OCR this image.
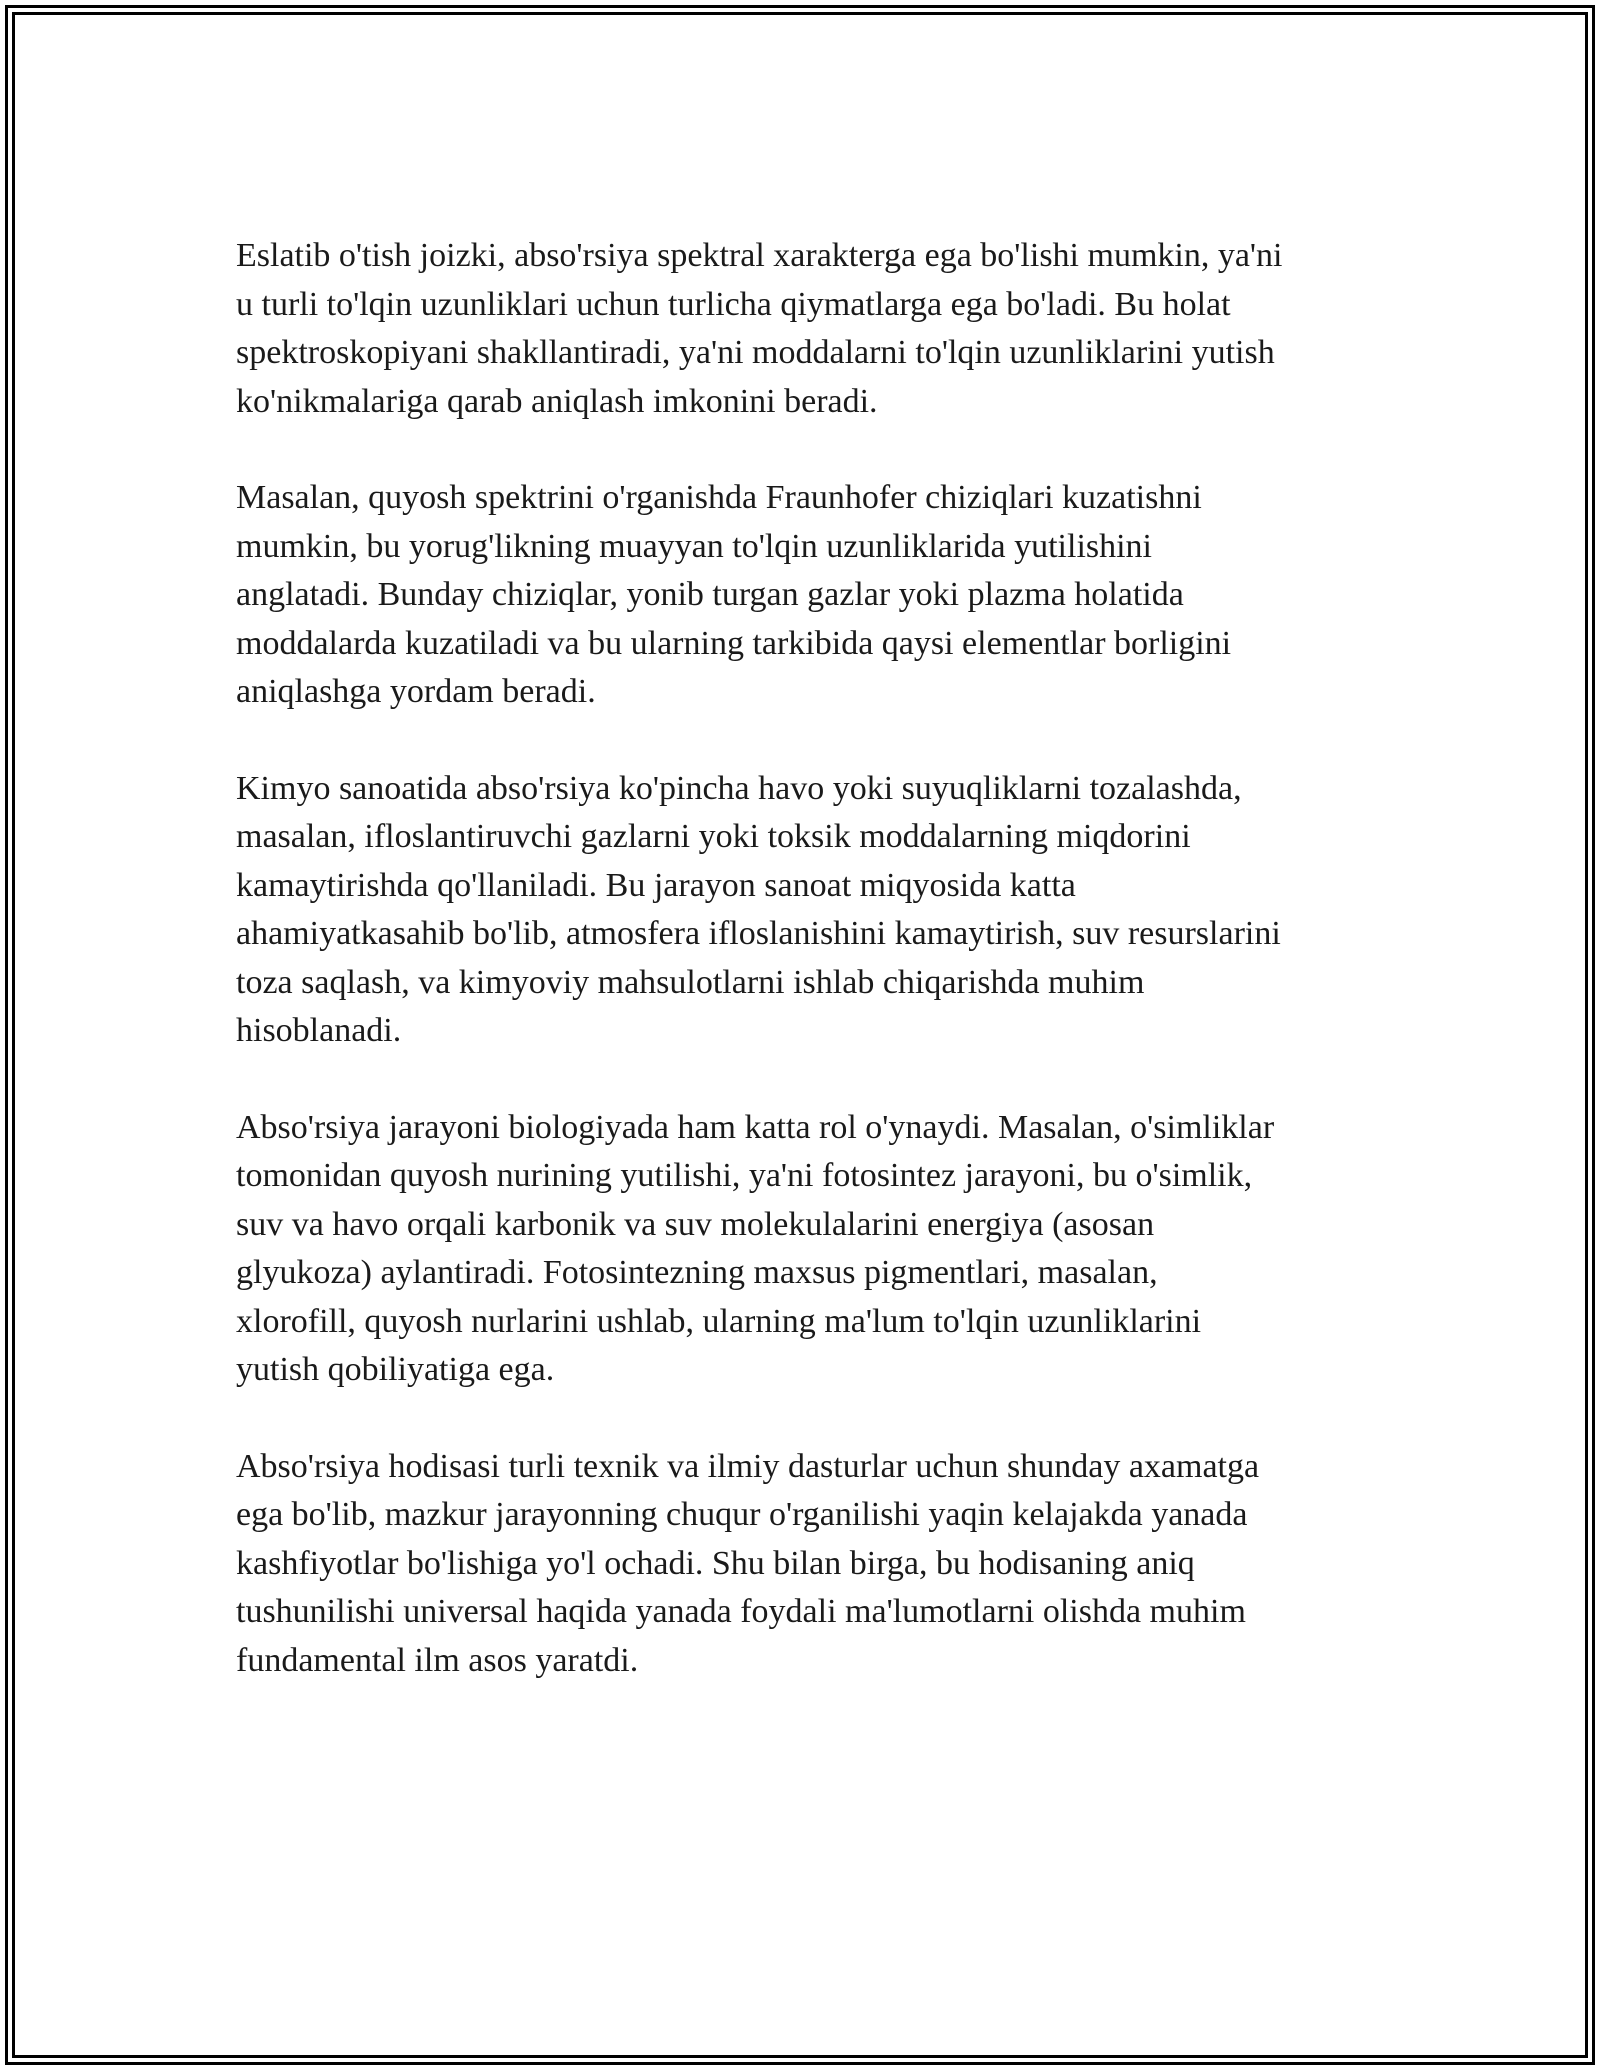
Eslatib o'tish joizki, abso'rsiya spektral xarakterga ega bo'lishi mumkin, ya'ni
u turli to'lqin uzunliklari uchun turlicha qiymatlarga ega bo'ladi. Bu holat
spektroskopiyani shakllantiradi, ya'ni moddalarni to'lqin uzunliklarini yutish
ko'nikmalariga qarab aniqlash imkonini beradi.

Masalan, quyosh spektrini o'rganishda Fraunhofer chiziqlari kuzatishni
mumkin, bu yorug'likning muayyan to'lqin uzunliklarida yutilishini
anglatadi. Bunday chiziqlar, yonib turgan gazlar yoki plazma holatida
moddalarda kuzatiladi va bu ularning tarkibida qaysi elementlar borligini
aniqlashga yordam beradi.

Kimyo sanoatida abso'rsiya ko'pincha havo yoki suyuqliklarni tozalashda,
masalan, ifloslantiruvchi gazlarni yoki toksik moddalarning miqdorini
kamaytirishda qo'llaniladi. Bu jarayon sanoat miqyosida katta
ahamiyatkasahib bo'lib, atmosfera ifloslanishini kamaytirish, suv resurslarini
toza saqlash, va kimyoviy mahsulotlarni ishlab chiqarishda muhim
hisoblanadi.

Abso'rsiya jarayoni biologiyada ham katta rol o'ynaydi. Masalan, o'simliklar
tomonidan quyosh nurining yutilishi, ya'ni fotosintez jarayoni, bu o'simlik,
suv va havo orqali karbonik va suv molekulalarini energiya (asosan
glyukoza) aylantiradi. Fotosintezning maxsus pigmentlari, masalan,
xlorofill, quyosh nurlarini ushlab, ularning ma'lum to'lqin uzunliklarini
yutish qobiliyatiga ega.

Abso'rsiya hodisasi turli texnik va ilmiy dasturlar uchun shunday axamatga
ega bo'lib, mazkur jarayonning chuqur o'rganilishi yaqin kelajakda yanada
kashfiyotlar bo'lishiga yo'l ochadi. Shu bilan birga, bu hodisaning aniq
tushunilishi universal haqida yanada foydali ma'lumotlarni olishda muhim
fundamental ilm asos yaratdi.
